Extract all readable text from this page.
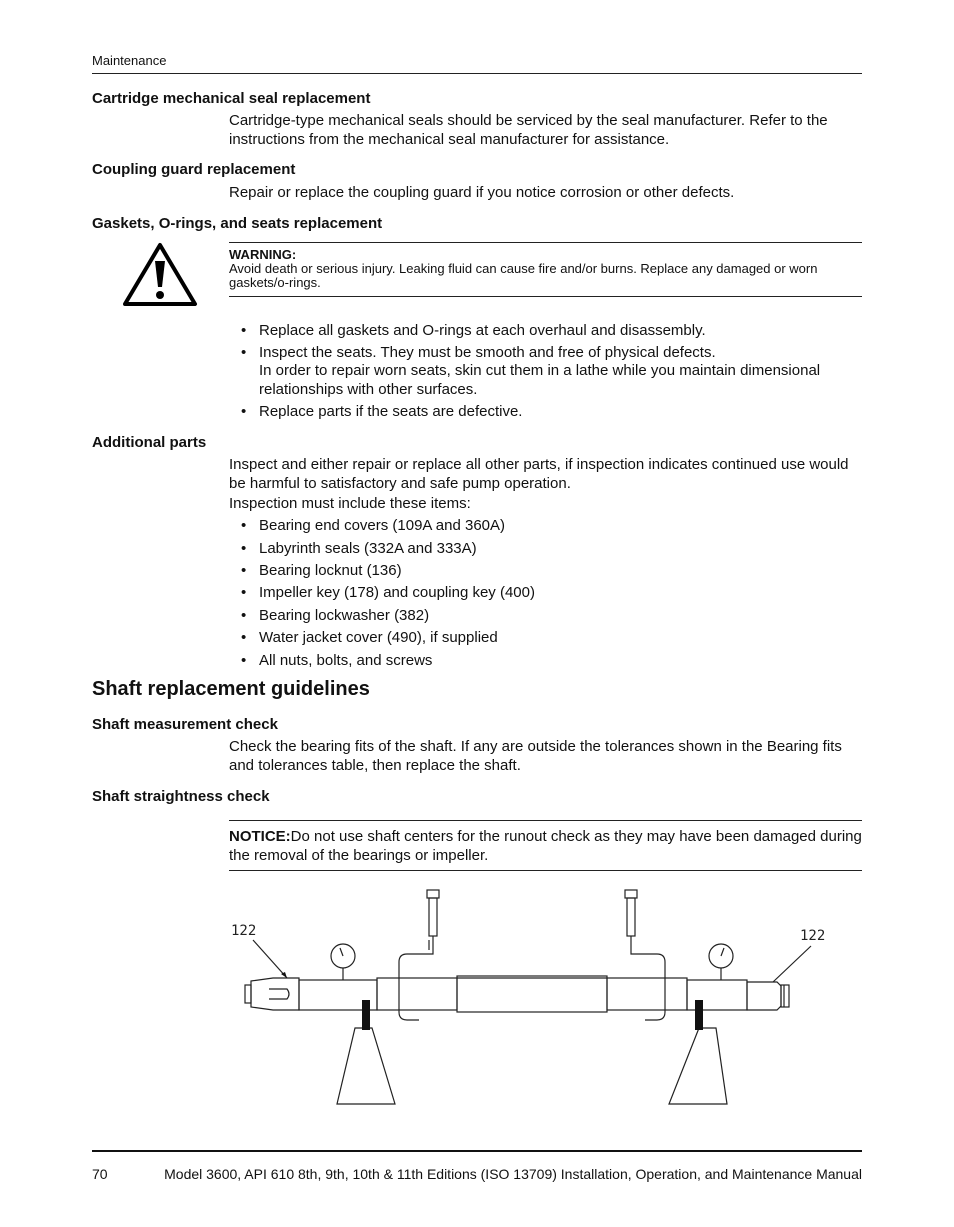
Maintenance
Cartridge mechanical seal replacement
Cartridge-type mechanical seals should be serviced by the seal manufacturer. Refer to the
instructions from the mechanical seal manufacturer for assistance.
Coupling guard replacement
Repair or replace the coupling guard if you notice corrosion or other defects.
Gaskets, O-rings, and seats replacement
WARNING:
Avoid death or serious injury. Leaking fluid can cause fire and/or burns. Replace any damaged or worn
gaskets/o-rings.
• Replace all gaskets and O-rings at each overhaul and disassembly.
• Inspect the seats. They must be smooth and free of physical defects.
In order to repair worn seats, skin cut them in a lathe while you maintain dimensional
relationships with other surfaces.
• Replace parts if the seats are defective.
Additional parts
Inspect and either repair or replace all other parts, if inspection indicates continued use would
be harmful to satisfactory and safe pump operation.
Inspection must include these items:
• Bearing end covers (109A and 360A)
• Labyrinth seals (332A and 333A)
• Bearing locknut (136)
• Impeller key (178) and coupling key (400)
• Bearing lockwasher (382)
• Water jacket cover (490), if supplied
• All nuts, bolts, and screws
Shaft replacement guidelines
Shaft measurement check
Check the bearing fits of the shaft. If any are outside the tolerances shown in the Bearing fits
and tolerances table, then replace the shaft.
Shaft straightness check
NOTICE:Do not use shaft centers for the runout check as they may have been damaged during
the removal of the bearings or impeller.
122	122
70	Model 3600, API 610 8th, 9th, 10th & 11th Editions (ISO 13709) Installation, Operation, and Maintenance Manual
